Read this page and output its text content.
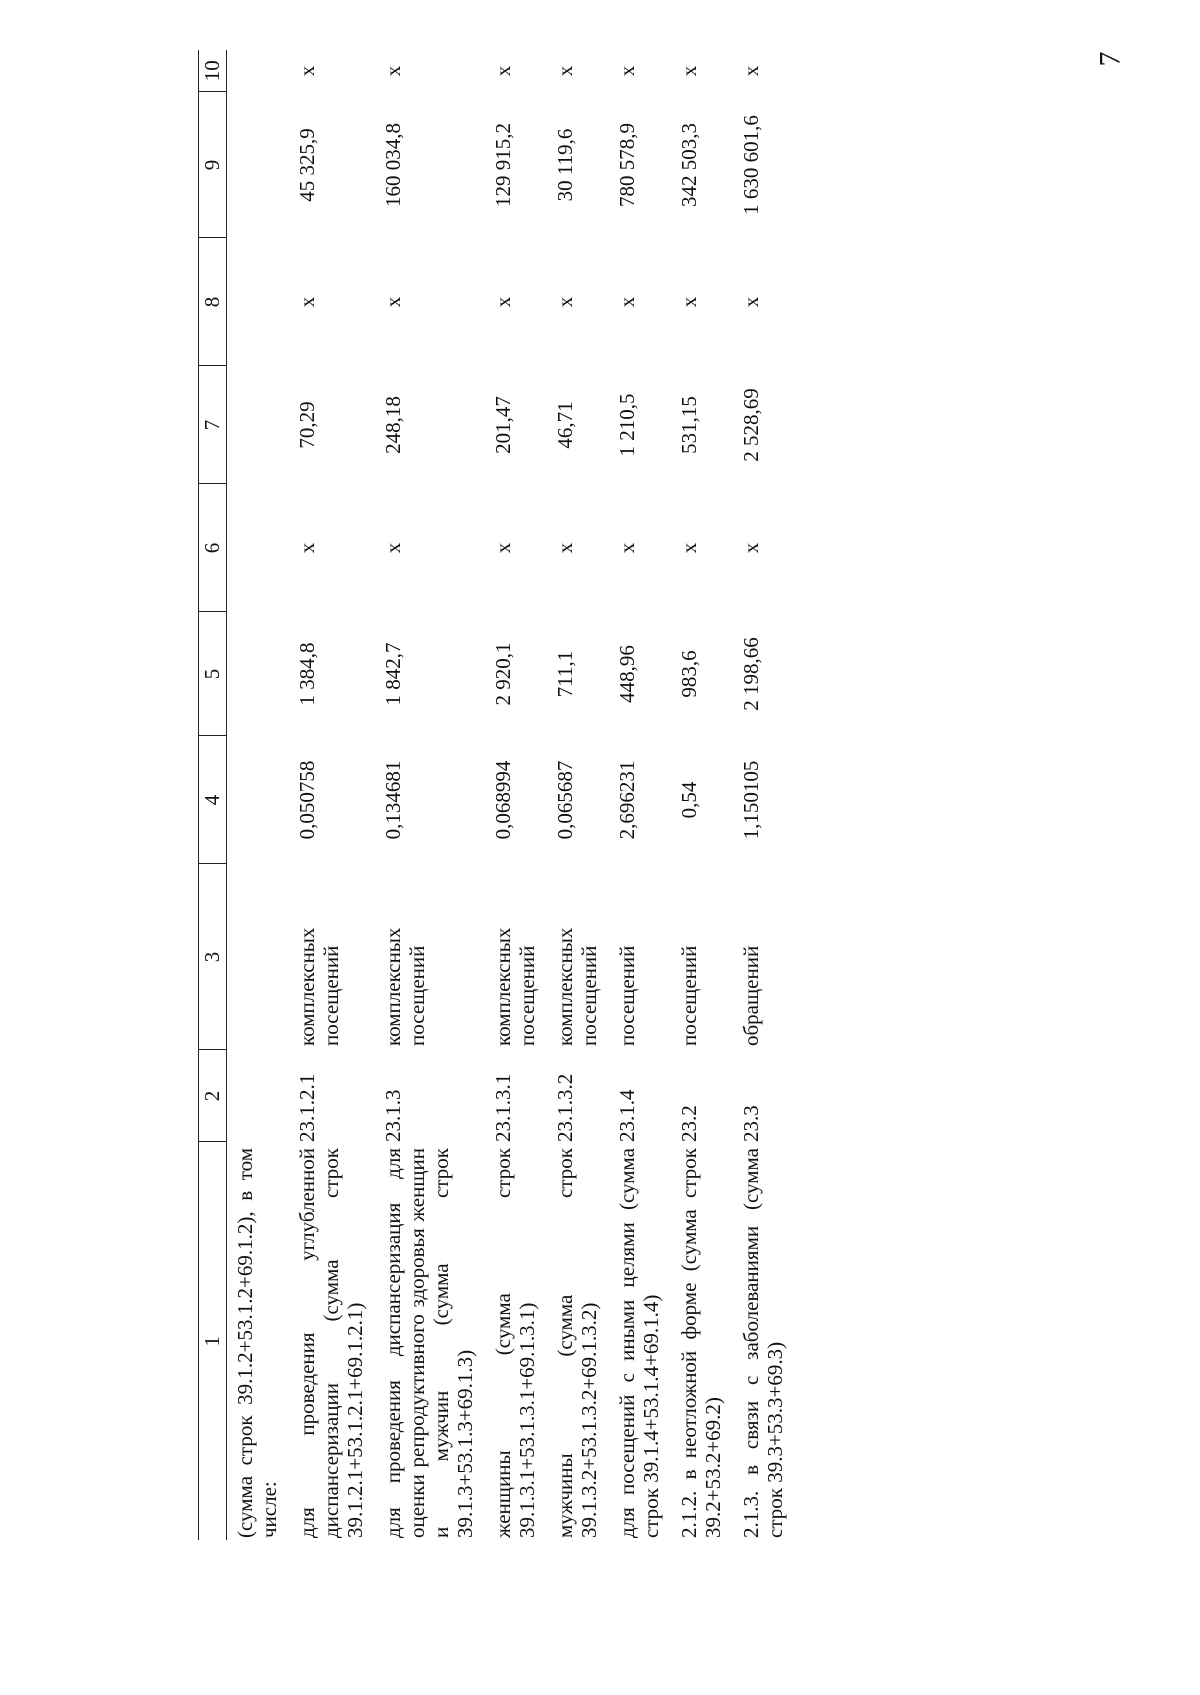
7
1	2	3	4	5	6	7	8	9	10
(сумма строк 39.1.2+53.1.2+69.1.2), в том числе:									
для проведения углубленной диспансеризации (сумма строк 39.1.2.1+53.1.2.1+69.1.2.1)	23.1.2.1	комплексных посещений	0,050758	1 384,8	х	70,29	х	45 325,9	х
для проведения диспансеризация для оценки репродуктивного здоровья женщин и мужчин (сумма строк 39.1.3+53.1.3+69.1.3)	23.1.3	комплексных посещений	0,134681	1 842,7	х	248,18	х	160 034,8	х
женщины (сумма строк 39.1.3.1+53.1.3.1+69.1.3.1)	23.1.3.1	комплексных посещений	0,068994	2 920,1	х	201,47	х	129 915,2	х
мужчины (сумма строк 39.1.3.2+53.1.3.2+69.1.3.2)	23.1.3.2	комплексных посещений	0,065687	711,1	х	46,71	х	30 119,6	х
для посещений с иными целями (сумма строк 39.1.4+53.1.4+69.1.4)	23.1.4	посещений	2,696231	448,96	х	1 210,5	х	780 578,9	х
2.1.2. в неотложной форме (сумма строк 39.2+53.2+69.2)	23.2	посещений	0,54	983,6	х	531,15	х	342 503,3	х
2.1.3. в связи с заболеваниями (сумма строк 39.3+53.3+69.3)	23.3	обращений	1,150105	2 198,66	х	2 528,69	х	1 630 601,6	х
